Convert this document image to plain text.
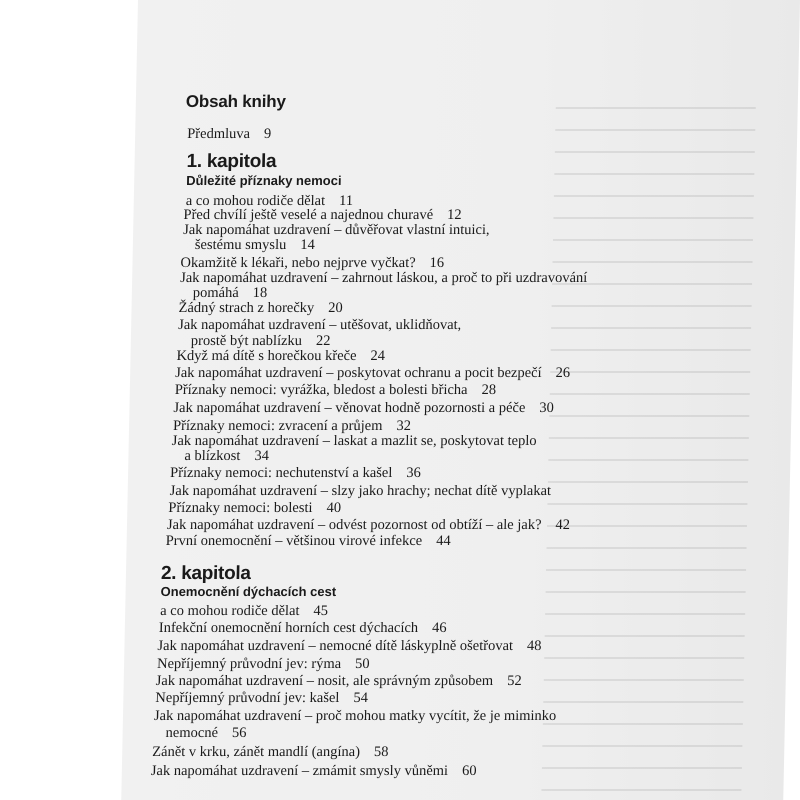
Obsah knihy
Předmluva 9
1. kapitola
Důležité příznaky nemoci
a co mohou rodiče dělat 11
Před chvílí ještě veselé a najednou churavé 12
Jak napomáhat uzdravení – důvěřovat vlastní intuici,
šestému smyslu 14
Okamžitě k lékaři, nebo nejprve vyčkat? 16
Jak napomáhat uzdravení – zahrnout láskou, a proč to při uzdravování
pomáhá 18
Žádný strach z horečky 20
Jak napomáhat uzdravení – utěšovat, uklidňovat,
prostě být nablízku 22
Když má dítě s horečkou křeče 24
Jak napomáhat uzdravení – poskytovat ochranu a pocit bezpečí 26
Příznaky nemoci: vyrážka, bledost a bolesti břicha 28
Jak napomáhat uzdravení – věnovat hodně pozornosti a péče 30
Příznaky nemoci: zvracení a průjem 32
Jak napomáhat uzdravení – laskat a mazlit se, poskytovat teplo
a blízkost 34
Příznaky nemoci: nechutenství a kašel 36
Jak napomáhat uzdravení – slzy jako hrachy; nechat dítě vyplakat
Příznaky nemoci: bolesti 40
Jak napomáhat uzdravení – odvést pozornost od obtíží – ale jak? 42
První onemocnění – většinou virové infekce 44
2. kapitola
Onemocnění dýchacích cest
a co mohou rodiče dělat 45
Infekční onemocnění horních cest dýchacích 46
Jak napomáhat uzdravení – nemocné dítě láskyplně ošetřovat 48
Nepříjemný průvodní jev: rýma 50
Jak napomáhat uzdravení – nosit, ale správným způsobem 52
Nepříjemný průvodní jev: kašel 54
Jak napomáhat uzdravení – proč mohou matky vycítit, že je miminko
nemocné 56
Zánět v krku, zánět mandlí (angína) 58
Jak napomáhat uzdravení – zmámit smysly vůněmi 60
